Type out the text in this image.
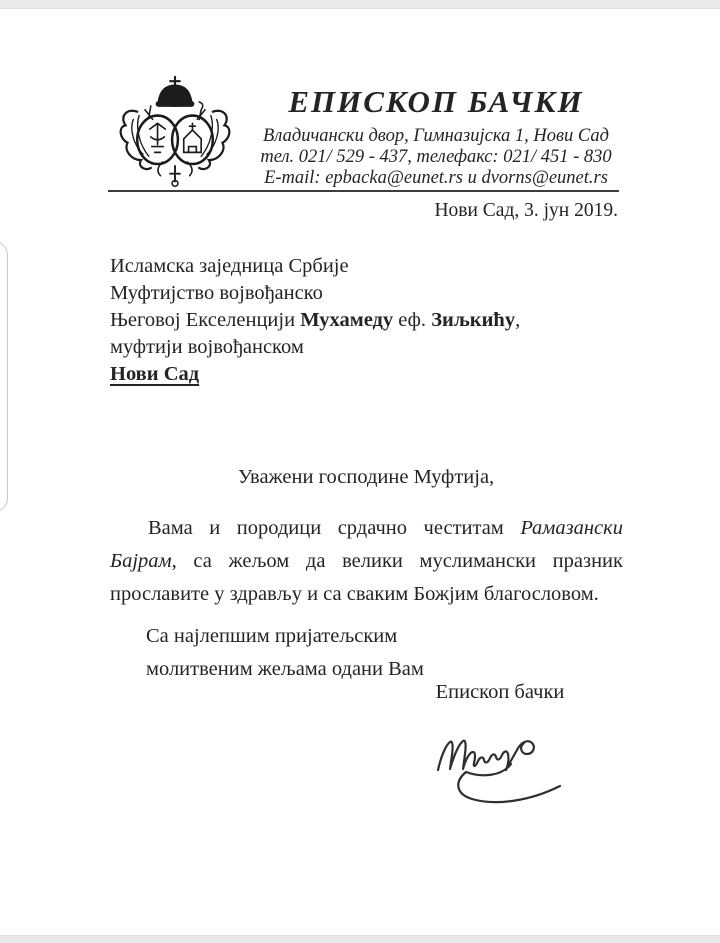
ЕПИСКОП БАЧКИ
Владичански двор, Гимназијска 1, Нови Сад
тел. 021/ 529 - 437, телефакс: 021/ 451 - 830
E-mail: epbacka@eunet.rs и dvorns@eunet.rs
Нови Сад, 3. јун 2019.
Исламска заједница Србије
Муфтијство војвођанско
Његовој Екселенцији Мухамеду еф. Зиљкићу,
муфтији војвођанском
Нови Сад
Уважени господине Муфтија,
Вама и породици срдачно честитам Рамазански Бајрам, са жељом да велики муслимански празник прославите у здрављу и са сваким Божјим благословом.
Са најлепшим пријатељским
молитвеним жељама одани Вам
Епископ бачки
